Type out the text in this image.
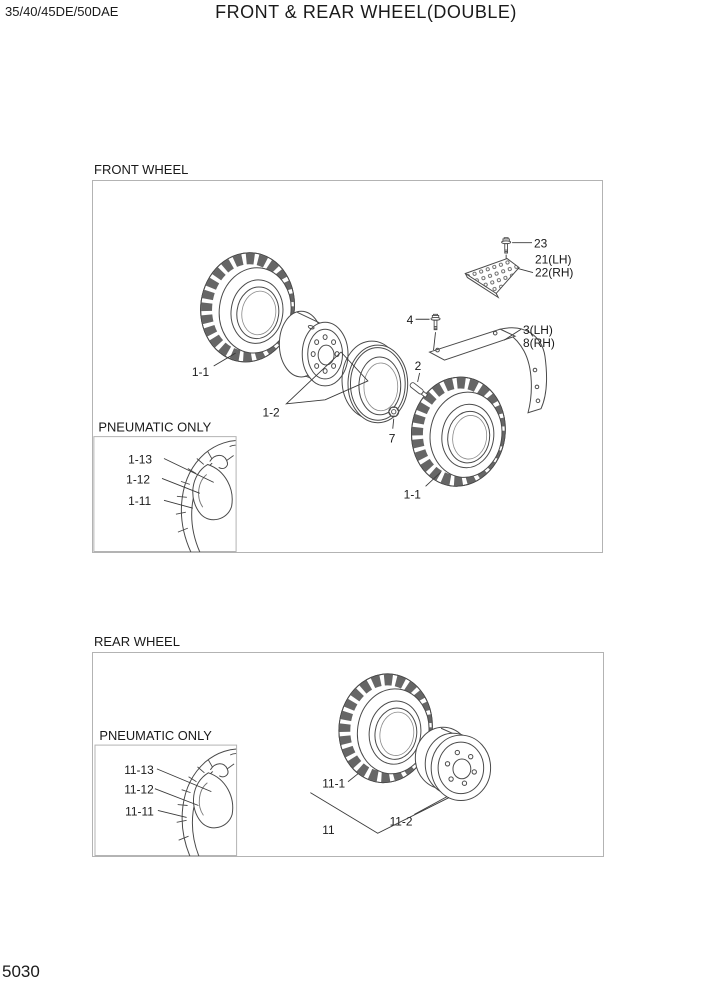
35/40/45DE/50DAE	FRONT & REAR WHEEL(DOUBLE)
FRONT WHEEL
1-1
1-2
1-1
3(LH)
8(RH)
4
23
21(LH)
22(RH)
2
7
PNEUMATIC ONLY
1-13
1-12
1-11
REAR WHEEL
11-1
11-2
11
PNEUMATIC ONLY
11-13
11-12
11-11
5030
